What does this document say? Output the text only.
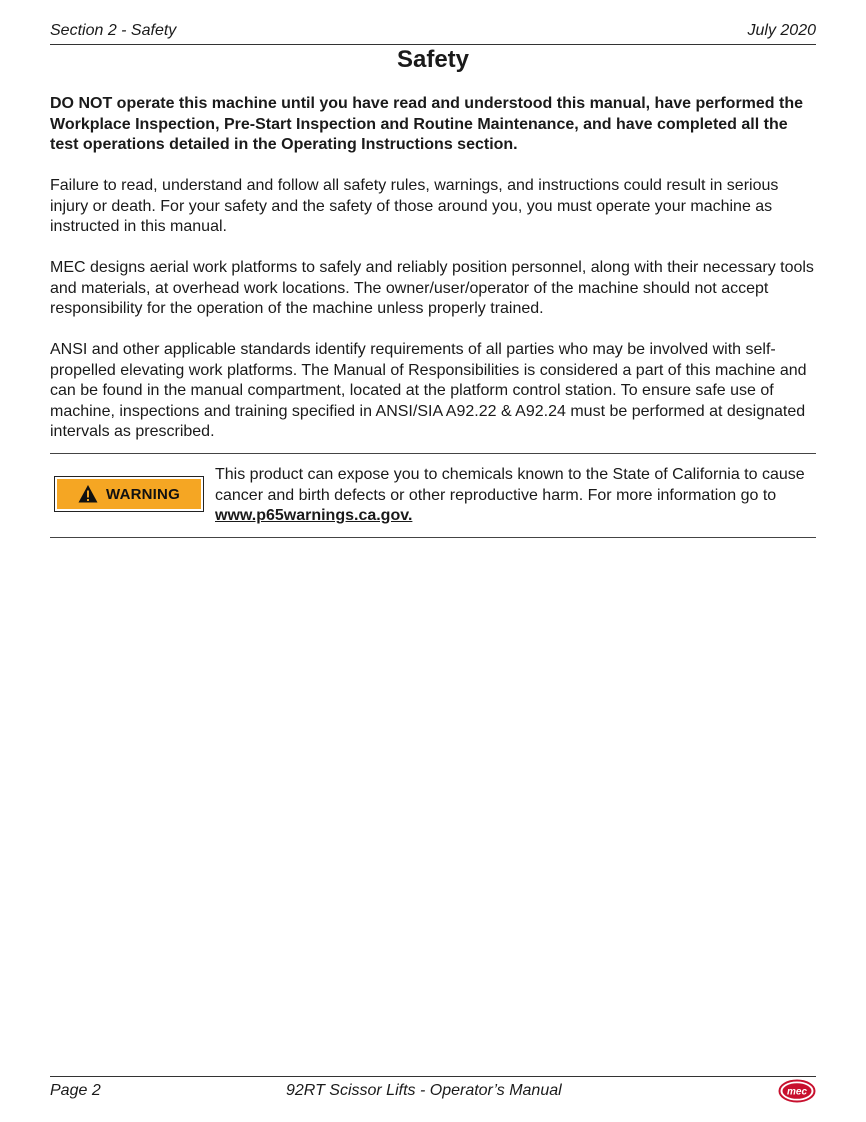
Section 2 - Safety	July 2020
Safety

DO NOT operate this machine until you have read and understood this manual, have performed the Workplace Inspection, Pre-Start Inspection and Routine Maintenance, and have completed all the test operations detailed in the Operating Instructions section.

Failure to read, understand and follow all safety rules, warnings, and instructions could result in serious injury or death. For your safety and the safety of those around you, you must operate your machine as instructed in this manual.

MEC designs aerial work platforms to safely and reliably position personnel, along with their necessary tools and materials, at overhead work locations. The owner/user/operator of the machine should not accept responsibility for the operation of the machine unless properly trained.

ANSI and other applicable standards identify requirements of all parties who may be involved with self-propelled elevating work platforms. The Manual of Responsibilities is considered a part of this machine and can be found in the manual compartment, located at the platform control station. To ensure safe use of machine, inspections and training specified in ANSI/SIA A92.22 & A92.24 must be performed at designated intervals as prescribed.

WARNING
This product can expose you to chemicals known to the State of California to cause cancer and birth defects or other reproductive harm. For more information go to www.p65warnings.ca.gov.
Page 2	92RT Scissor Lifts - Operator’s Manual	mec
